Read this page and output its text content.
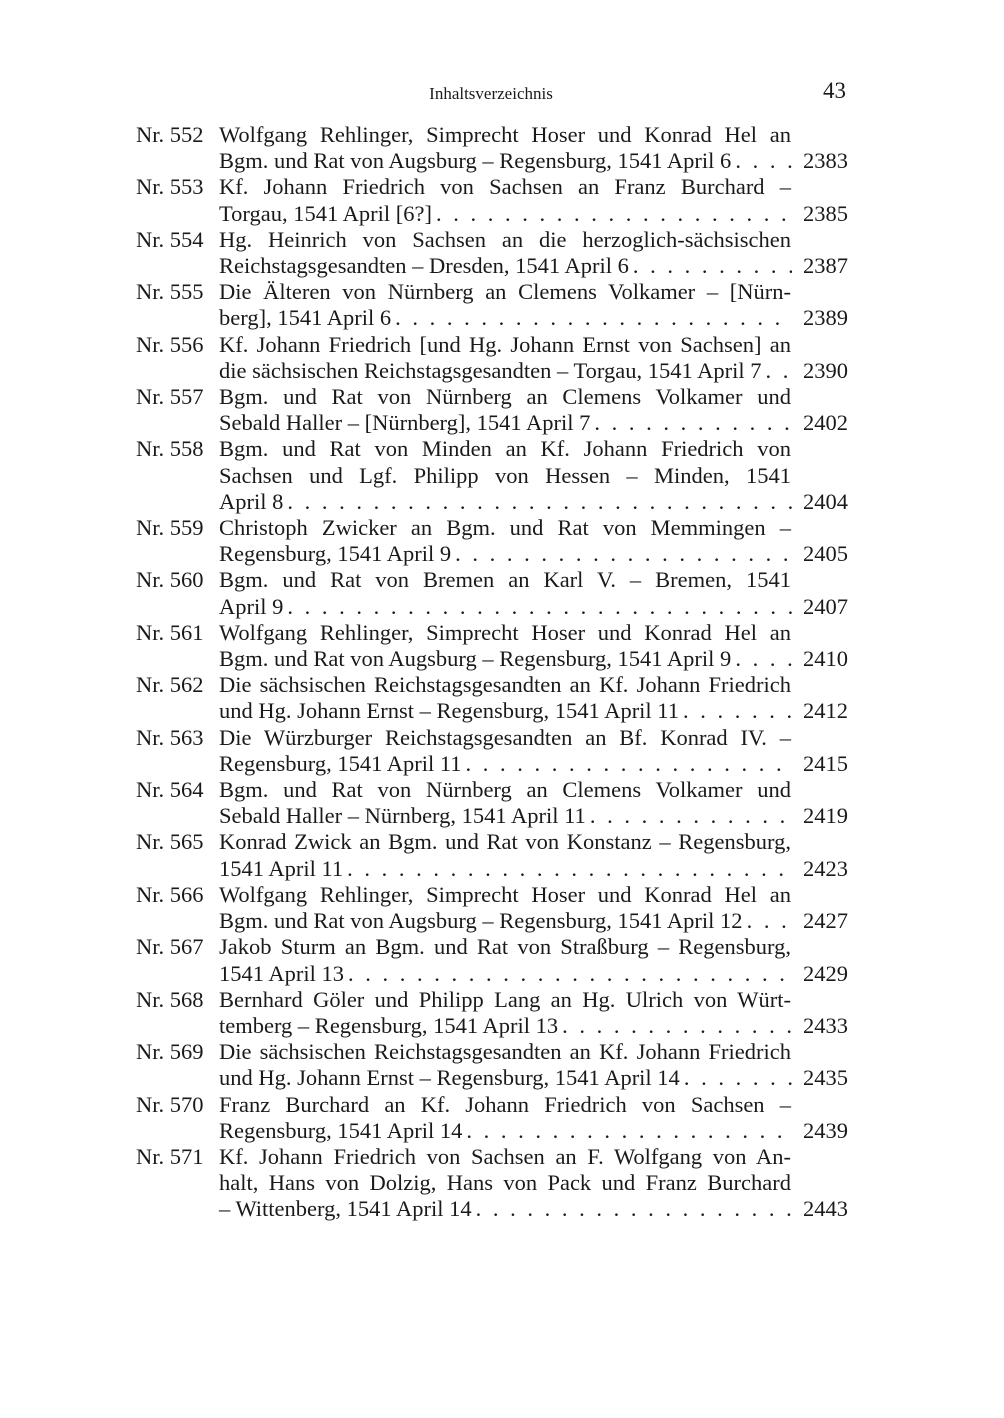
Inhaltsverzeichnis	43
Nr. 552 Wolfgang Rehlinger, Simprecht Hoser und Konrad Hel an
Bgm. und Rat von Augsburg – Regensburg, 1541 April 6 . . .	2383
Nr. 553 Kf. Johann Friedrich von Sachsen an Franz Burchard –
Torgau, 1541 April [6?] . . .	2385
Nr. 554 Hg. Heinrich von Sachsen an die herzoglich-sächsischen
Reichstagsgesandten – Dresden, 1541 April 6 . . .	2387
Nr. 555 Die Älteren von Nürnberg an Clemens Volkamer – [Nürn-
berg], 1541 April 6 . . .	2389
Nr. 556 Kf. Johann Friedrich [und Hg. Johann Ernst von Sachsen] an
die sächsischen Reichstagsgesandten – Torgau, 1541 April 7 . . . 2390
Nr. 557 Bgm. und Rat von Nürnberg an Clemens Volkamer und
Sebald Haller – [Nürnberg], 1541 April 7 . . .	2402
Nr. 558 Bgm. und Rat von Minden an Kf. Johann Friedrich von
Sachsen und Lgf. Philipp von Hessen – Minden, 1541
April 8 . . .	2404
Nr. 559 Christoph Zwicker an Bgm. und Rat von Memmingen –
Regensburg, 1541 April 9 . . .	2405
Nr. 560 Bgm. und Rat von Bremen an Karl V. – Bremen, 1541
April 9 . . .	2407
Nr. 561 Wolfgang Rehlinger, Simprecht Hoser und Konrad Hel an
Bgm. und Rat von Augsburg – Regensburg, 1541 April 9 . . .	2410
Nr. 562 Die sächsischen Reichstagsgesandten an Kf. Johann Friedrich
und Hg. Johann Ernst – Regensburg, 1541 April 11 . . .	2412
Nr. 563 Die Würzburger Reichstagsgesandten an Bf. Konrad IV. –
Regensburg, 1541 April 11 . . .	2415
Nr. 564 Bgm. und Rat von Nürnberg an Clemens Volkamer und
Sebald Haller – Nürnberg, 1541 April 11 . . .	2419
Nr. 565 Konrad Zwick an Bgm. und Rat von Konstanz – Regensburg,
1541 April 11 . . .	2423
Nr. 566 Wolfgang Rehlinger, Simprecht Hoser und Konrad Hel an
Bgm. und Rat von Augsburg – Regensburg, 1541 April 12 . . .	2427
Nr. 567 Jakob Sturm an Bgm. und Rat von Straßburg – Regensburg,
1541 April 13 . . .	2429
Nr. 568 Bernhard Göler und Philipp Lang an Hg. Ulrich von Würt-
temberg – Regensburg, 1541 April 13 . . .	2433
Nr. 569 Die sächsischen Reichstagsgesandten an Kf. Johann Friedrich
und Hg. Johann Ernst – Regensburg, 1541 April 14 . . .	2435
Nr. 570 Franz Burchard an Kf. Johann Friedrich von Sachsen –
Regensburg, 1541 April 14 . . .	2439
Nr. 571 Kf. Johann Friedrich von Sachsen an F. Wolfgang von An-
halt, Hans von Dolzig, Hans von Pack und Franz Burchard
– Wittenberg, 1541 April 14 . . .	2443
